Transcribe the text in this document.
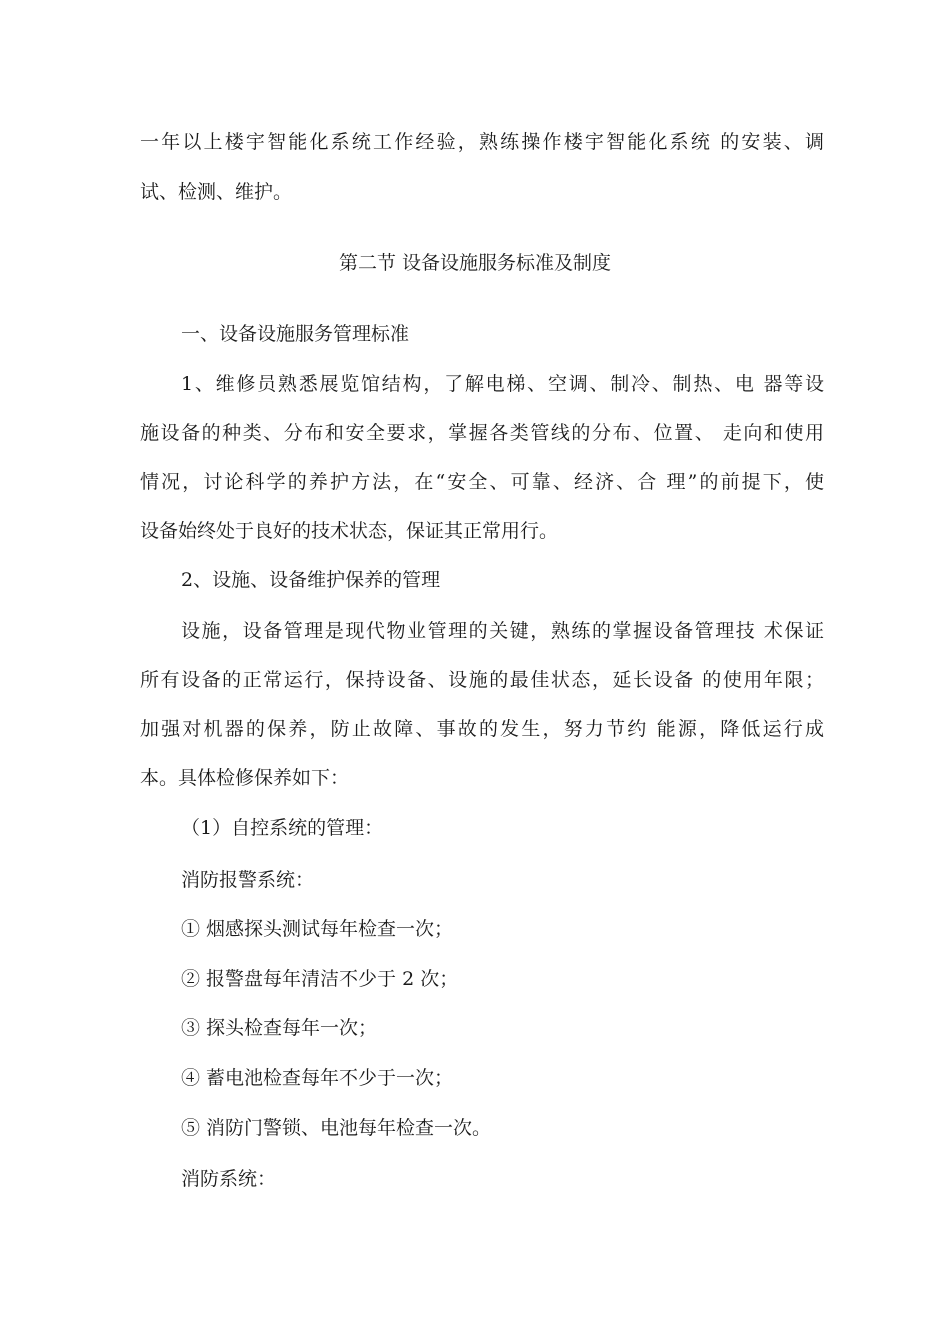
一年以上楼宇智能化系统工作经验，熟练操作楼宇智能化系统 的安装、调
试、检测、维护。
第二节 设备设施服务标准及制度
一、设备设施服务管理标准
1、维修员熟悉展览馆结构，了解电梯、空调、制冷、制热、电 器等设
施设备的种类、分布和安全要求，掌握各类管线的分布、位置、 走向和使用
情况，讨论科学的养护方法，在“安全、可靠、经济、合 理”的前提下，使
设备始终处于良好的技术状态，保证其正常用行。
2、设施、设备维护保养的管理
设施，设备管理是现代物业管理的关键，熟练的掌握设备管理技 术保证
所有设备的正常运行，保持设备、设施的最佳状态，延长设备 的使用年限；
加强对机器的保养，防止故障、事故的发生，努力节约 能源，降低运行成
本。具体检修保养如下：
（1）自控系统的管理：
消防报警系统：
① 烟感探头测试每年检查一次；
② 报警盘每年清洁不少于 2 次；
③ 探头检查每年一次；
④ 蓄电池检查每年不少于一次；
⑤ 消防门警锁、电池每年检查一次。
消防系统：
